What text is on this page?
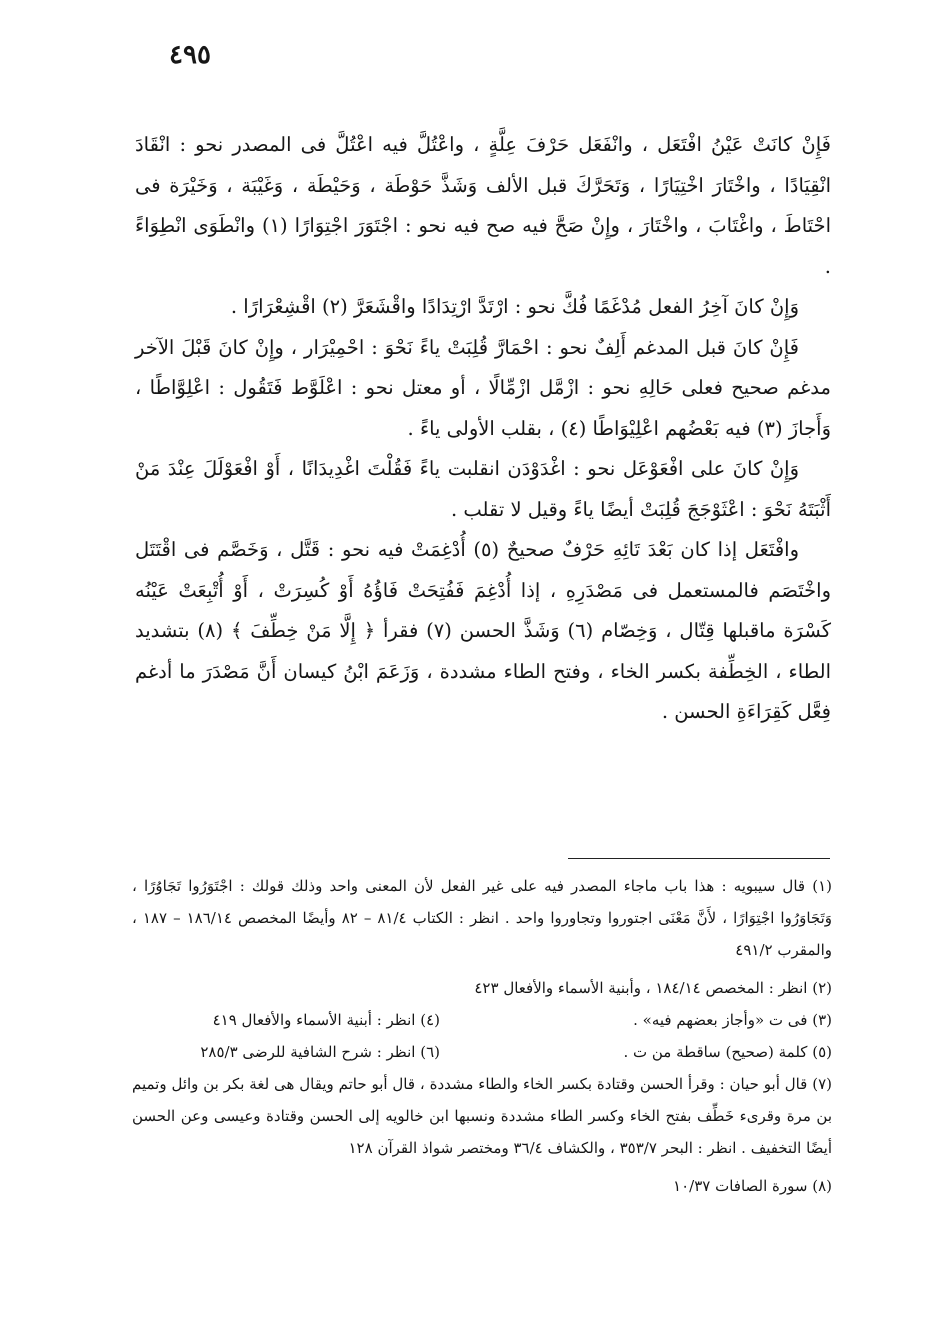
٤٩٥

فَإِنْ كانَتْ عَيْنُ افْتَعَل ، وانْفَعَل حَرْفَ عِلَّةٍ ، واعْتُلَّ فيه اعْتُلَّ فى المصدر نحو : انْقَادَ انْقِيَادًا ، واخْتَارَ اخْتِيَارًا ، وَتَحَرَّكَ قبل الألف وَشَذَّ حَوْطَة ، وَحَيْطَة ، وَغَيْبَة ، وَخَيْرَة فى احْتَاطَ ، واغْتَابَ ، واخْتَارَ ، وإِنْ صَحَّ فيه صح فيه نحو : اجْتَوَرَ اجْتِوَارًا (١) وانْطَوَى انْطِوَاءً .

وَإِنْ كانَ آخِرُ الفعل مُدْغَمًا فُكَّ نحو : ارْتَدَّ ارْتِدَادًا واقْشَعَرَّ (٢) اقْشِعْرَارًا .

فَإِنْ كانَ قبل المدغم أَلِفٌ نحو : احْمَارَّ قُلِبَتْ ياءً نَحْوَ : احْمِيْرَار ، وإِنْ كانَ قَبْلَ الآخر مدغم صحيح فعلى حَالِهِ نحو : ازْمَّل ازْمِّالًا ، أو معتل نحو : اعْلَوَّط فَتَقُول : اعْلِوَّاطًا ، وَأَجازَ (٣) فيه بَعْضُهم اعْلِيْوَاطًا (٤) ، بقلب الأولى ياءً .

وَإِنْ كانَ على افْعَوْعَل نحو : اغْدَوْدَن انقلبت ياءً فَقُلْتَ اغْدِيدَانًا ، أَوْ افْعَوْلَلَ عِنْدَ مَنْ أَثْبَتَهُ نَحْوَ : اعْثَوْجَجَ قُلِبَتْ أيضًا ياءً وقيل لا تقلب .

وافْتَعَل إذا كان بَعْدَ تَائِهِ حَرْفٌ صحيحٌ (٥) أُدْغِمَتْ فيه نحو : قَتَّل ، وَخَصَّم فى اقْتَتَل واخْتَصَم فالمستعمل فى مَصْدَرِهِ ، إذا أُدْغِمَ فَفُتِحَتْ فَاؤُهُ أَوْ كُسِرَتْ ، أَوْ أُتْبِعَتْ عَيْنُه كَسْرَة ماقبلها قِتّال ، وَخِصّام (٦) وَشَذَّ الحسن (٧) فقرأ ﴿ إِلَّا مَنْ خِطِّفَ ﴾ (٨) بتشديد الطاء ، الخِطِّفة بكسر الخاء ، وفتح الطاء مشددة ، وَزَعَمَ ابْنُ كيسان أَنَّ مَصْدَرَ ما أدغم فِعَّل كَقِرَاءَةِ الحسن .

(١) قال سيبويه : هذا باب ماجاء المصدر فيه على غير الفعل لأن المعنى واحد وذلك قولك : اجْتَوَرُوا تَجَاوُرًا ، وَتَجَاوَرُوا اجْتِوَارًا ، لأَنَّ مَعْنَى اجتوروا وتجاوروا واحد . انظر : الكتاب ٨١/٤ – ٨٢ وأيضًا المخصص ١٨٦/١٤ – ١٨٧ ، والمقرب ٤٩١/٢

(٢) انظر : المخصص ١٨٤/١٤ ، وأبنية الأسماء والأفعال ٤٢٣

(٣) فى ت «وأجاز بعضهم فيه» .

(٤) انظر : أبنية الأسماء والأفعال ٤١٩

(٥) كلمة (صحيح) ساقطة من ت .

(٦) انظر : شرح الشافية للرضى ٢٨٥/٣

(٧) قال أبو حيان : وقرأ الحسن وقتادة بكسر الخاء والطاء مشددة ، قال أبو حاتم ويقال هى لغة بكر بن وائل وتميم بن مرة وقرىء خَطِّف بفتح الخاء وكسر الطاء مشددة ونسبها ابن خالويه إلى الحسن وقتادة وعيسى وعن الحسن أيضًا التخفيف . انظر : البحر ٣٥٣/٧ ، والكشاف ٣٦/٤ ومختصر شواذ القرآن ١٢٨

(٨) سورة الصافات ١٠/٣٧
